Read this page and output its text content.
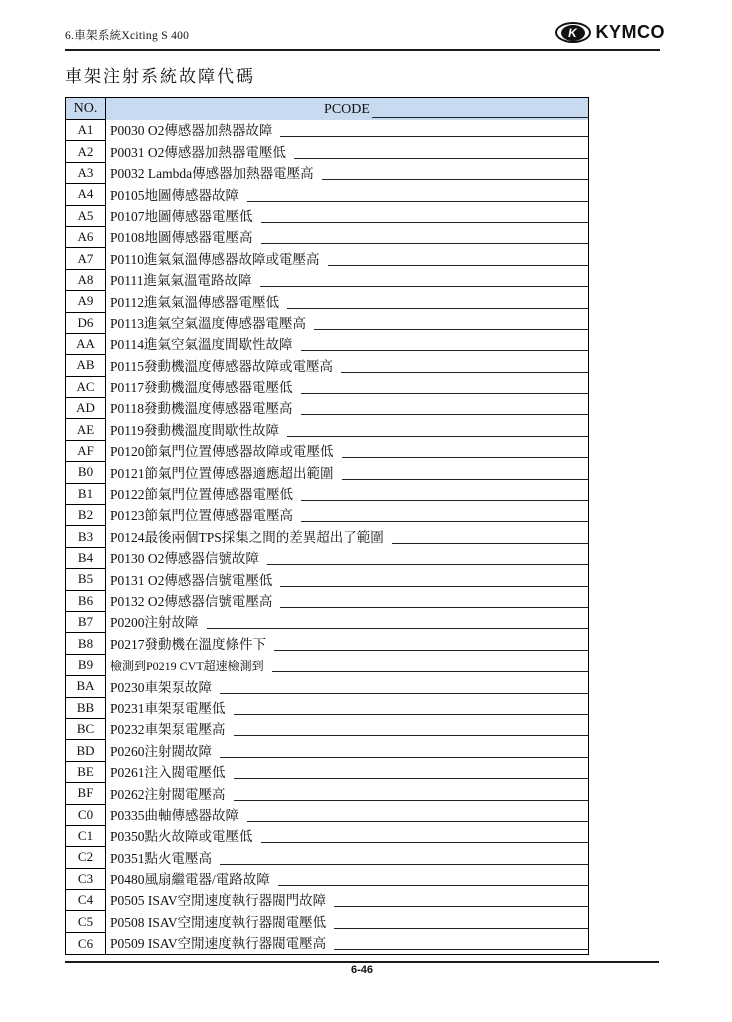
6.車架系統Xciting S 400	K	KYMCO
車架注射系統故障代碼
NO.	PCODE
A1	P0030 O2傳感器加熱器故障
A2	P0031 O2傳感器加熱器電壓低
A3	P0032 Lambda傳感器加熱器電壓高
A4	P0105地圖傳感器故障
A5	P0107地圖傳感器電壓低
A6	P0108地圖傳感器電壓高
A7	P0110進氣氣溫傳感器故障或電壓高
A8	P0111進氣氣溫電路故障
A9	P0112進氣氣溫傳感器電壓低
D6	P0113進氣空氣溫度傳感器電壓高
AA	P0114進氣空氣溫度間歇性故障
AB	P0115發動機溫度傳感器故障或電壓高
AC	P0117發動機溫度傳感器電壓低
AD	P0118發動機溫度傳感器電壓高
AE	P0119發動機溫度間歇性故障
AF	P0120節氣門位置傳感器故障或電壓低
B0	P0121節氣門位置傳感器適應超出範圍
B1	P0122節氣門位置傳感器電壓低
B2	P0123節氣門位置傳感器電壓高
B3	P0124最後兩個TPS採集之間的差異超出了範圍
B4	P0130 O2傳感器信號故障
B5	P0131 O2傳感器信號電壓低
B6	P0132 O2傳感器信號電壓高
B7	P0200注射故障
B8	P0217發動機在溫度條件下
B9	檢測到P0219 CVT超速檢測到
BA	P0230車架泵故障
BB	P0231車架泵電壓低
BC	P0232車架泵電壓高
BD	P0260注射閥故障
BE	P0261注入閥電壓低
BF	P0262注射閥電壓高
C0	P0335曲軸傳感器故障
C1	P0350點火故障或電壓低
C2	P0351點火電壓高
C3	P0480風扇繼電器/電路故障
C4	P0505 ISAV空閒速度執行器閥門故障
C5	P0508 ISAV空閒速度執行器閥電壓低
C6	P0509 ISAV空閒速度執行器閥電壓高
6-46
